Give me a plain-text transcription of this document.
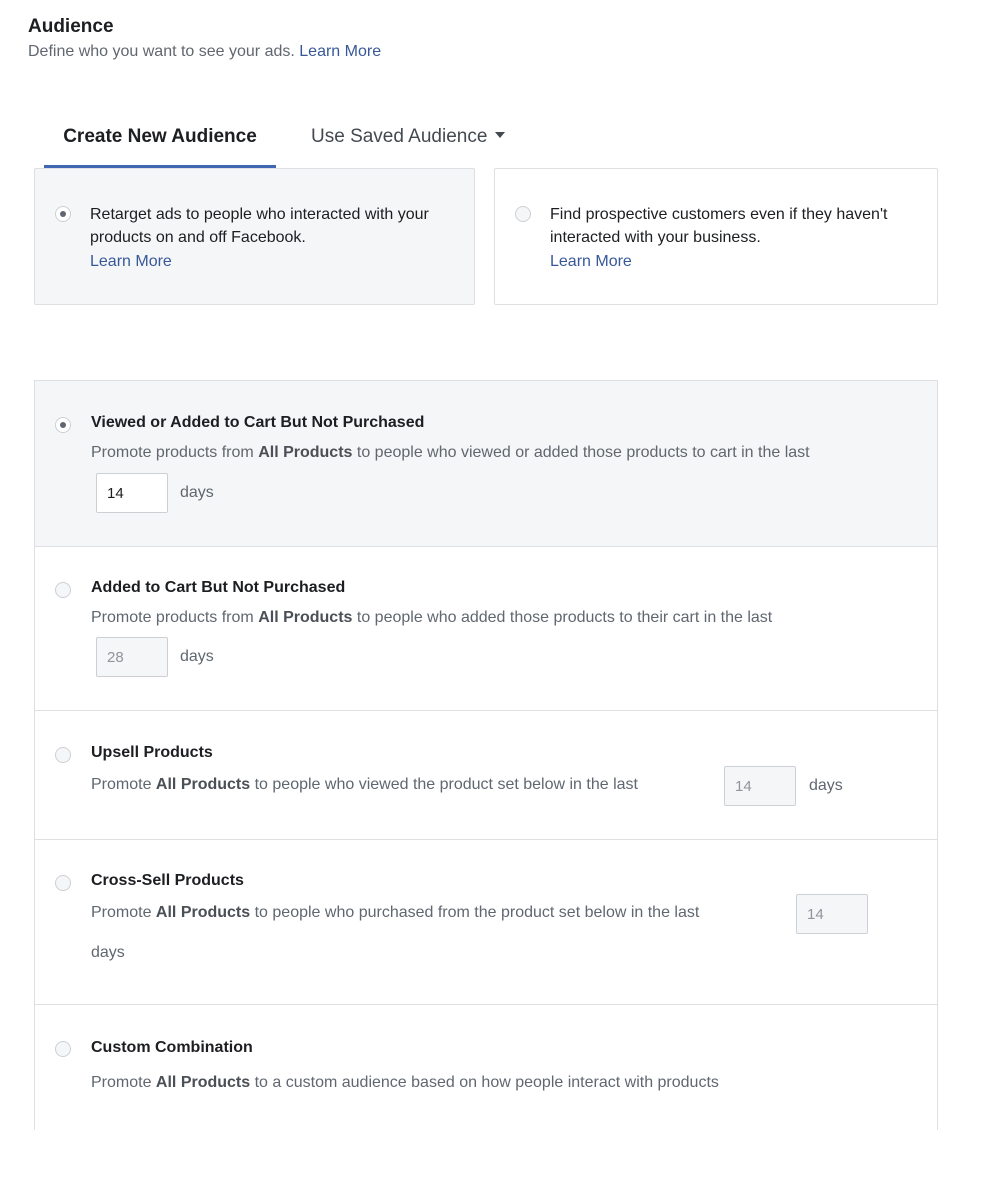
Audience
Define who you want to see your ads. Learn More
Create New Audience	Use Saved Audience
Retarget ads to people who interacted with your products on and off Facebook.
Learn More
Find prospective customers even if they haven't interacted with your business.
Learn More
Viewed or Added to Cart But Not Purchased
Promote products from All Products to people who viewed or added those products to cart in the last
14
days
Added to Cart But Not Purchased
Promote products from All Products to people who added those products to their cart in the last
28
days
Upsell Products
Promote All Products to people who viewed the product set below in the last
14	days
Cross-Sell Products
Promote All Products to people who purchased from the product set below in the last
14
days
Custom Combination
Promote All Products to a custom audience based on how people interact with products
